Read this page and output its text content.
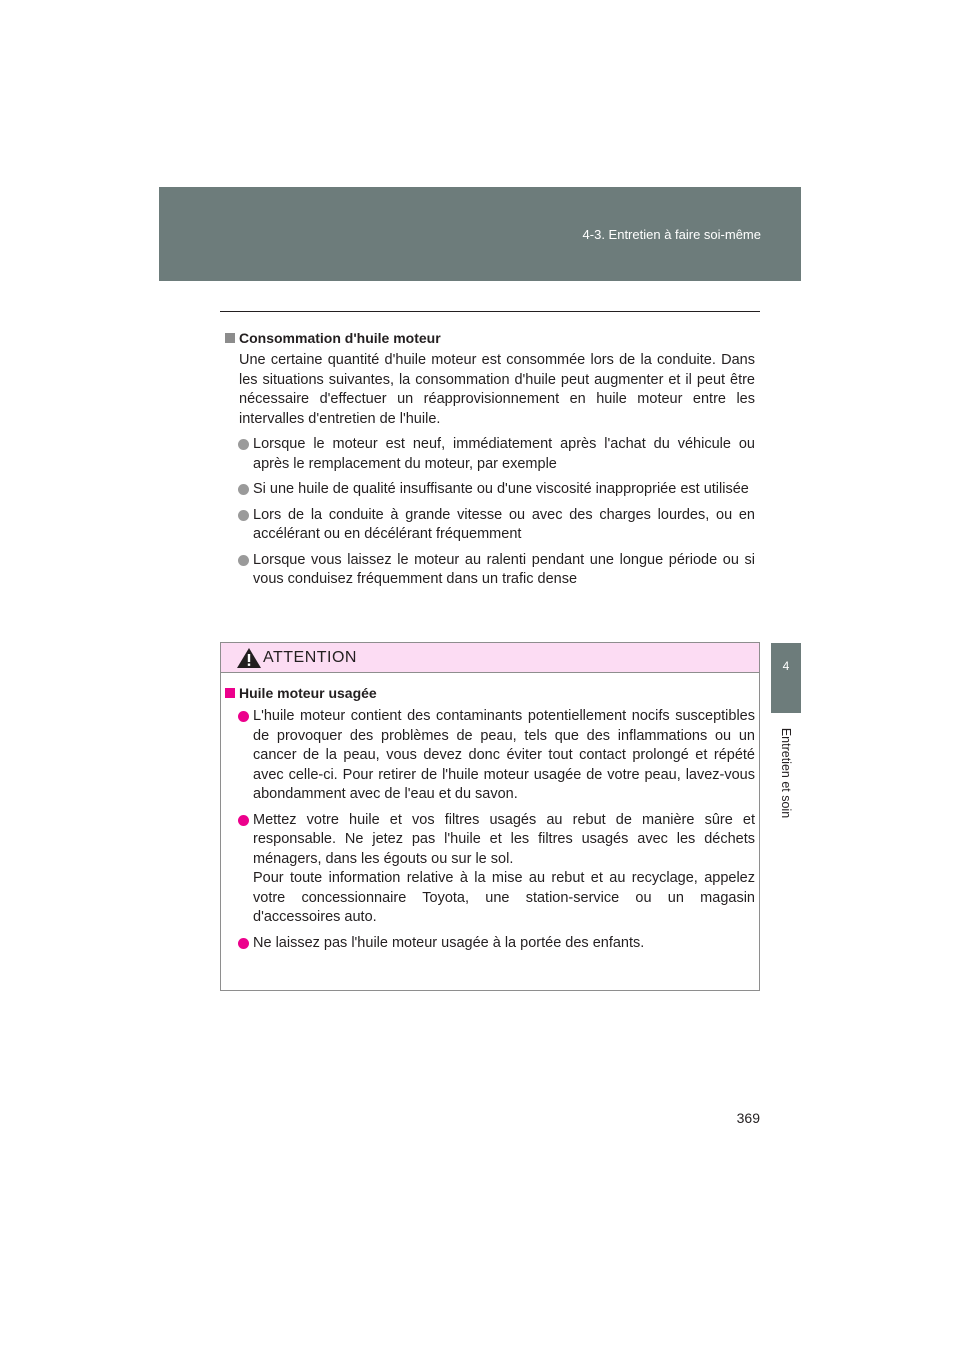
4-3. Entretien à faire soi-même
4
Entretien et soin
Consommation d'huile moteur

Une certaine quantité d'huile moteur est consommée lors de la conduite. Dans les situations suivantes, la consommation d'huile peut augmenter et il peut être nécessaire d'effectuer un réapprovisionnement en huile moteur entre les intervalles d'entretien de l'huile.

Lorsque le moteur est neuf, immédiatement après l'achat du véhicule ou après le remplacement du moteur, par exemple
Si une huile de qualité insuffisante ou d'une viscosité inappropriée est utilisée
Lors de la conduite à grande vitesse ou avec des charges lourdes, ou en accélérant ou en décélérant fréquemment
Lorsque vous laissez le moteur au ralenti pendant une longue période ou si vous conduisez fréquemment dans un trafic dense
ATTENTION
Huile moteur usagée
L'huile moteur contient des contaminants potentiellement nocifs susceptibles de provoquer des problèmes de peau, tels que des inflammations ou un cancer de la peau, vous devez donc éviter tout contact prolongé et répété avec celle-ci. Pour retirer de l'huile moteur usagée de votre peau, lavez-vous abondamment avec de l'eau et du savon.
Mettez votre huile et vos filtres usagés au rebut de manière sûre et responsable. Ne jetez pas l'huile et les filtres usagés avec les déchets ménagers, dans les égouts ou sur le sol.
Pour toute information relative à la mise au rebut et au recyclage, appelez votre concessionnaire Toyota, une station-service ou un magasin d'accessoires auto.
Ne laissez pas l'huile moteur usagée à la portée des enfants.
369
